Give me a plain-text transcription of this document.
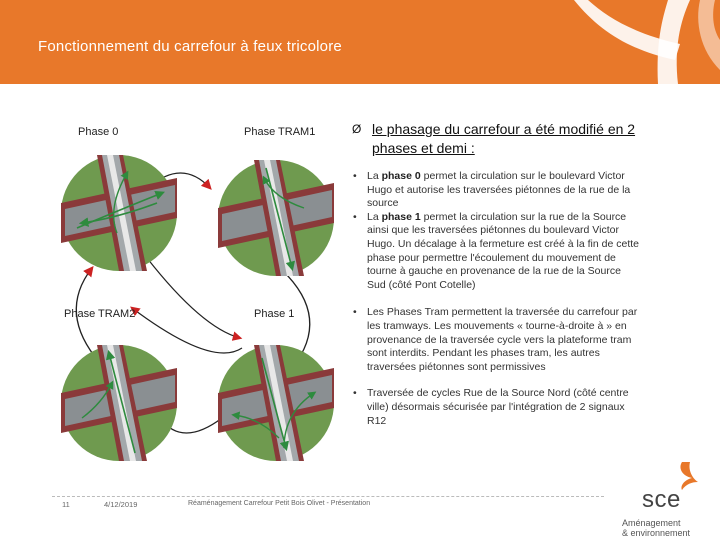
Fonctionnement du carrefour à feux tricolore
Phase 0	Phase TRAM1
Phase TRAM2	Phase 1
Ø le phasage du carrefour a été modifié en 2 phases et demi :
• La phase 0 permet la circulation sur le boulevard Victor Hugo et autorise les traversées piétonnes de la rue de la source
• La phase 1 permet la circulation sur la rue de la Source ainsi que les traversées piétonnes du boulevard Victor Hugo. Un décalage à la fermeture est créé à la fin de cette phase pour permettre l'écoulement du mouvement de tourne à gauche en provenance de la rue de la Source Sud (côté Pont Cotelle)
• Les Phases Tram permettent la traversée du carrefour par les tramways. Les mouvements « tourne-à-droite à » en provenance de la traversée cycle vers la plateforme tram sont interdits. Pendant les phases tram, les autres traversées piétonnes sont permissives
• Traversée de cycles Rue de la Source Nord (côté centre ville) désormais sécurisée par l'intégration de 2 signaux R12
11	4/12/2019	Réaménagement Carrefour Petit Bois Olivet - Présentation	sce
Aménagement
& environnement
